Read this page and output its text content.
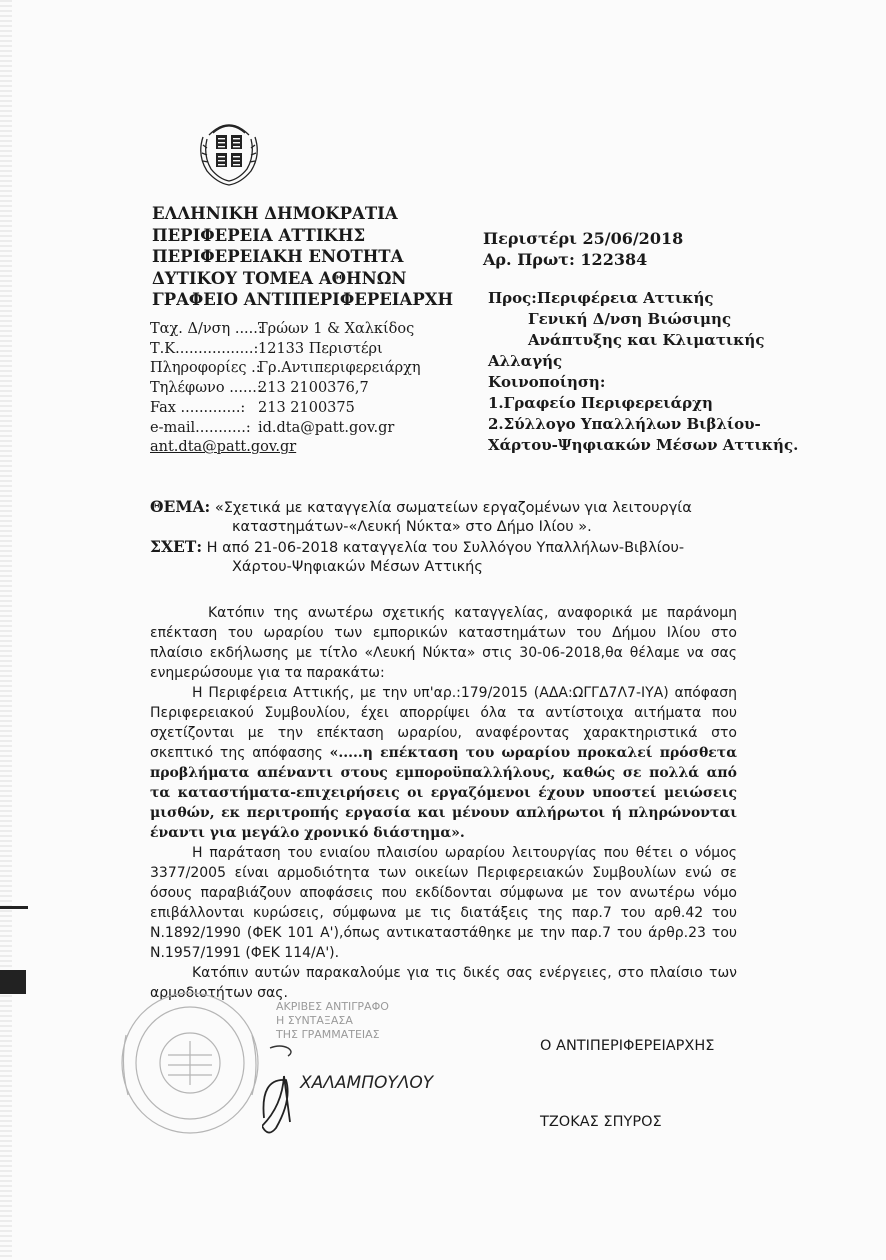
ΕΛΛΗΝΙΚΗ ΔΗΜΟΚΡΑΤΙΑ
ΠΕΡΙΦΕΡΕΙΑ ΑΤΤΙΚΗΣ
ΠΕΡΙΦΕΡΕΙΑΚΗ ΕΝΟΤΗΤΑ
ΔΥΤΙΚΟΥ ΤΟΜΕΑ ΑΘΗΝΩΝ
ΓΡΑΦΕΙΟ ΑΝΤΙΠΕΡΙΦΕΡΕΙΑΡΧΗ
Περιστέρι 25/06/2018
Αρ. Πρωτ: 122384
Προς:Περιφέρεια Αττικής
Γενική Δ/νση Βιώσιμης
Ανάπτυξης και Κλιματικής
Αλλαγής
Κοινοποίηση:
1.Γραφείο Περιφερειάρχη
2.Σύλλογο Υπαλλήλων Βιβλίου-
Χάρτου-Ψηφιακών Μέσων Αττικής.
Ταχ. Δ/νση .....:
Τρώων 1 & Χαλκίδος
Τ.Κ.................: 12133 Περιστέρι
Πληροφορίες .:
Γρ.Αντιπεριφερειάρχη
Τηλέφωνο ......:
213 2100376,7
Fax .............: 213 2100375
e-mail...........: id.dta@patt.gov.gr
ant.dta@patt.gov.gr
ΘΕΜΑ: «Σχετικά με καταγγελία σωματείων εργαζομένων για λειτουργία
καταστημάτων-«Λευκή Νύκτα» στο Δήμο Ιλίου ».
ΣΧΕΤ: Η από 21-06-2018 καταγγελία του Συλλόγου Υπαλλήλων-Βιβλίου-
Χάρτου-Ψηφιακών Μέσων Αττικής

Κατόπιν της ανωτέρω σχετικής καταγγελίας, αναφορικά με παράνομη επέκταση του ωραρίου των εμπορικών καταστημάτων του Δήμου Ιλίου στο πλαίσιο εκδήλωσης με τίτλο «Λευκή Νύκτα» στις 30-06-2018,θα θέλαμε να σας ενημερώσουμε για τα παρακάτω:

Η Περιφέρεια Αττικής, με την υπ'αρ.:179/2015 (ΑΔΑ:ΩΓΓΔ7Λ7-ΙΥΑ) απόφαση Περιφερειακού Συμβουλίου, έχει απορρίψει όλα τα αντίστοιχα αιτήματα που σχετίζονται με την επέκταση ωραρίου, αναφέροντας χαρακτηριστικά στο σκεπτικό της απόφασης «.....η επέκταση του ωραρίου προκαλεί πρόσθετα προβλήματα απέναντι στους εμποροϋπαλλήλους, καθώς σε πολλά από τα καταστήματα-επιχειρήσεις οι εργαζόμενοι έχουν υποστεί μειώσεις μισθών, εκ περιτροπής εργασία και μένουν απλήρωτοι ή πληρώνονται έναντι για μεγάλο χρονικό διάστημα».

Η παράταση του ενιαίου πλαισίου ωραρίου λειτουργίας που θέτει ο νόμος 3377/2005 είναι αρμοδιότητα των οικείων Περιφερειακών Συμβουλίων ενώ σε όσους παραβιάζουν αποφάσεις που εκδίδονται σύμφωνα με τον ανωτέρω νόμο επιβάλλονται κυρώσεις, σύμφωνα με τις διατάξεις της παρ.7 του αρθ.42 του Ν.1892/1990 (ΦΕΚ 101 Α'),όπως αντικαταστάθηκε με την παρ.7 του άρθρ.23 του Ν.1957/1991 (ΦΕΚ 114/Α').

Κατόπιν αυτών παρακαλούμε για τις δικές σας ενέργειες, στο πλαίσιο των αρμοδιοτήτων σας.

ΑΚΡΙΒΕΣ ΑΝΤΙΓΡΑΦΟ
Η ΣΥΝΤΑΞΑΣΑ
ΤΗΣ ΓΡΑΜΜΑΤΕΙΑΣ
ΧΑΛΑΜΠΟΥΛΟΥ
Ο ΑΝΤΙΠΕΡΙΦΕΡΕΙΑΡΧΗΣ
ΤΖΟΚΑΣ ΣΠΥΡΟΣ
